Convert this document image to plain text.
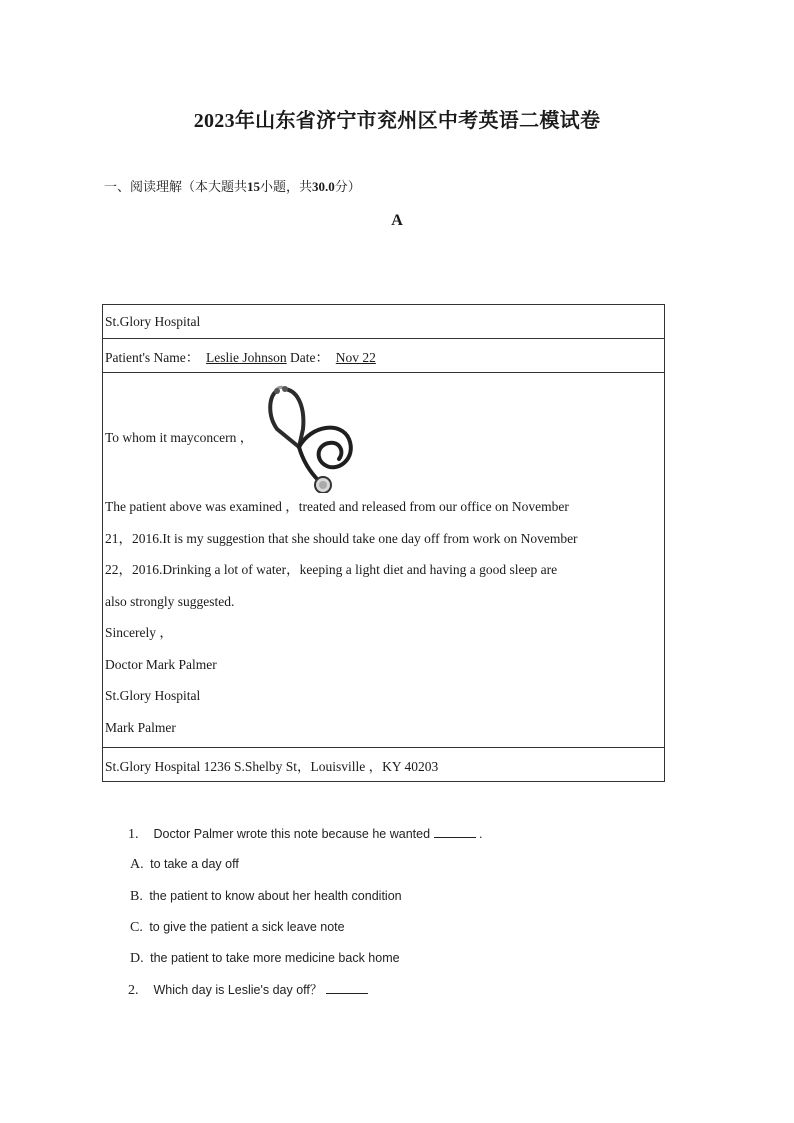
2023年山东省济宁市兖州区中考英语二模试卷
一、阅读理解（本大题共15小题，共30.0分）
A
St.Glory Hospital
Patient's Name： Leslie Johnson Date： Nov 22

To whom it mayconcern ，
The patient above was examined ，treated and released from our office on November
21，2016.It is my suggestion that she should take one day off from work on November
22，2016.Drinking a lot of water，keeping a light diet and having a good sleep are
also strongly suggested.
Sincerely ，
Doctor Mark Palmer
St.Glory Hospital
Mark Palmer

St.Glory Hospital 1236 S.Shelby St，Louisville ，KY 40203
1. Doctor Palmer wrote this note because he wanted	.
A. to take a day off
B. the patient to know about her health condition
C. to give the patient a sick leave note
D. the patient to take more medicine back home
2. Which day is Leslie's day off？
